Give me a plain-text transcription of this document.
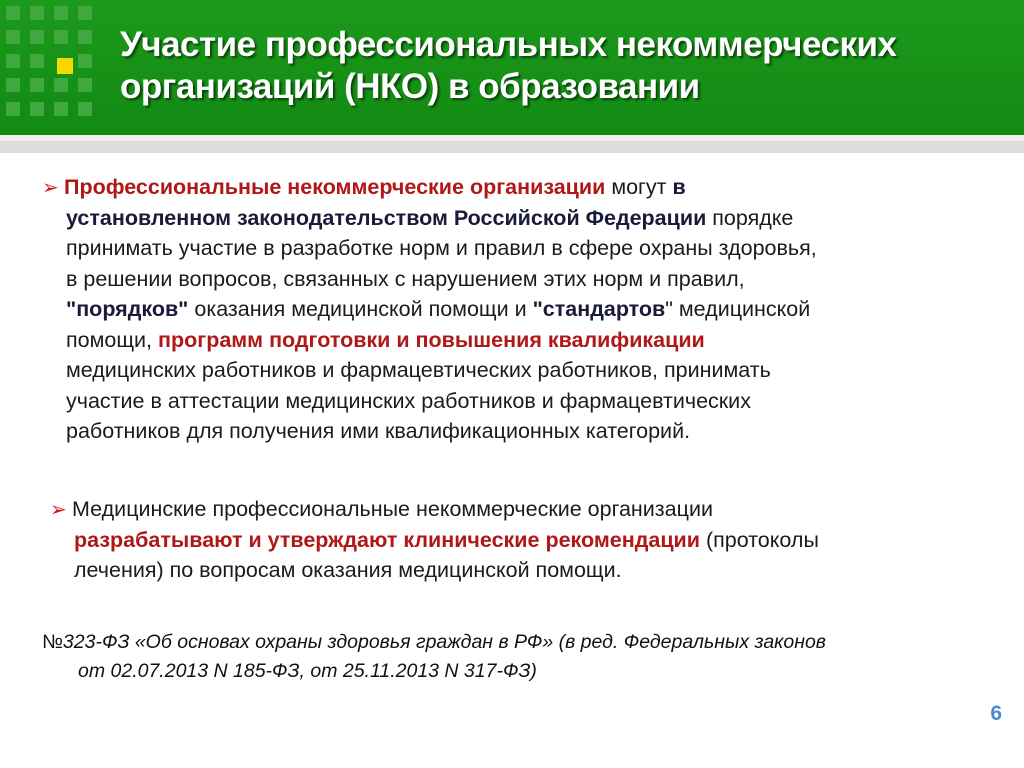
Участие профессиональных некоммерческих
организаций (НКО) в образовании
➢ Профессиональные некоммерческие организации могут в
установленном законодательством Российской Федерации порядке
принимать участие в разработке норм и правил в сфере охраны здоровья,
в решении вопросов, связанных с нарушением этих норм и правил,
"порядков" оказания медицинской помощи и "стандартов" медицинской
помощи, программ подготовки и повышения квалификации
медицинских работников и фармацевтических работников, принимать
участие в аттестации медицинских работников и фармацевтических
работников для получения ими квалификационных категорий.
➢ Медицинские профессиональные некоммерческие организации
разрабатывают и утверждают клинические рекомендации (протоколы
лечения) по вопросам оказания медицинской помощи.
№323-ФЗ «Об основах охраны здоровья граждан в РФ» (в ред. Федеральных законов
от 02.07.2013 N 185-ФЗ, от 25.11.2013 N 317-ФЗ)
6
